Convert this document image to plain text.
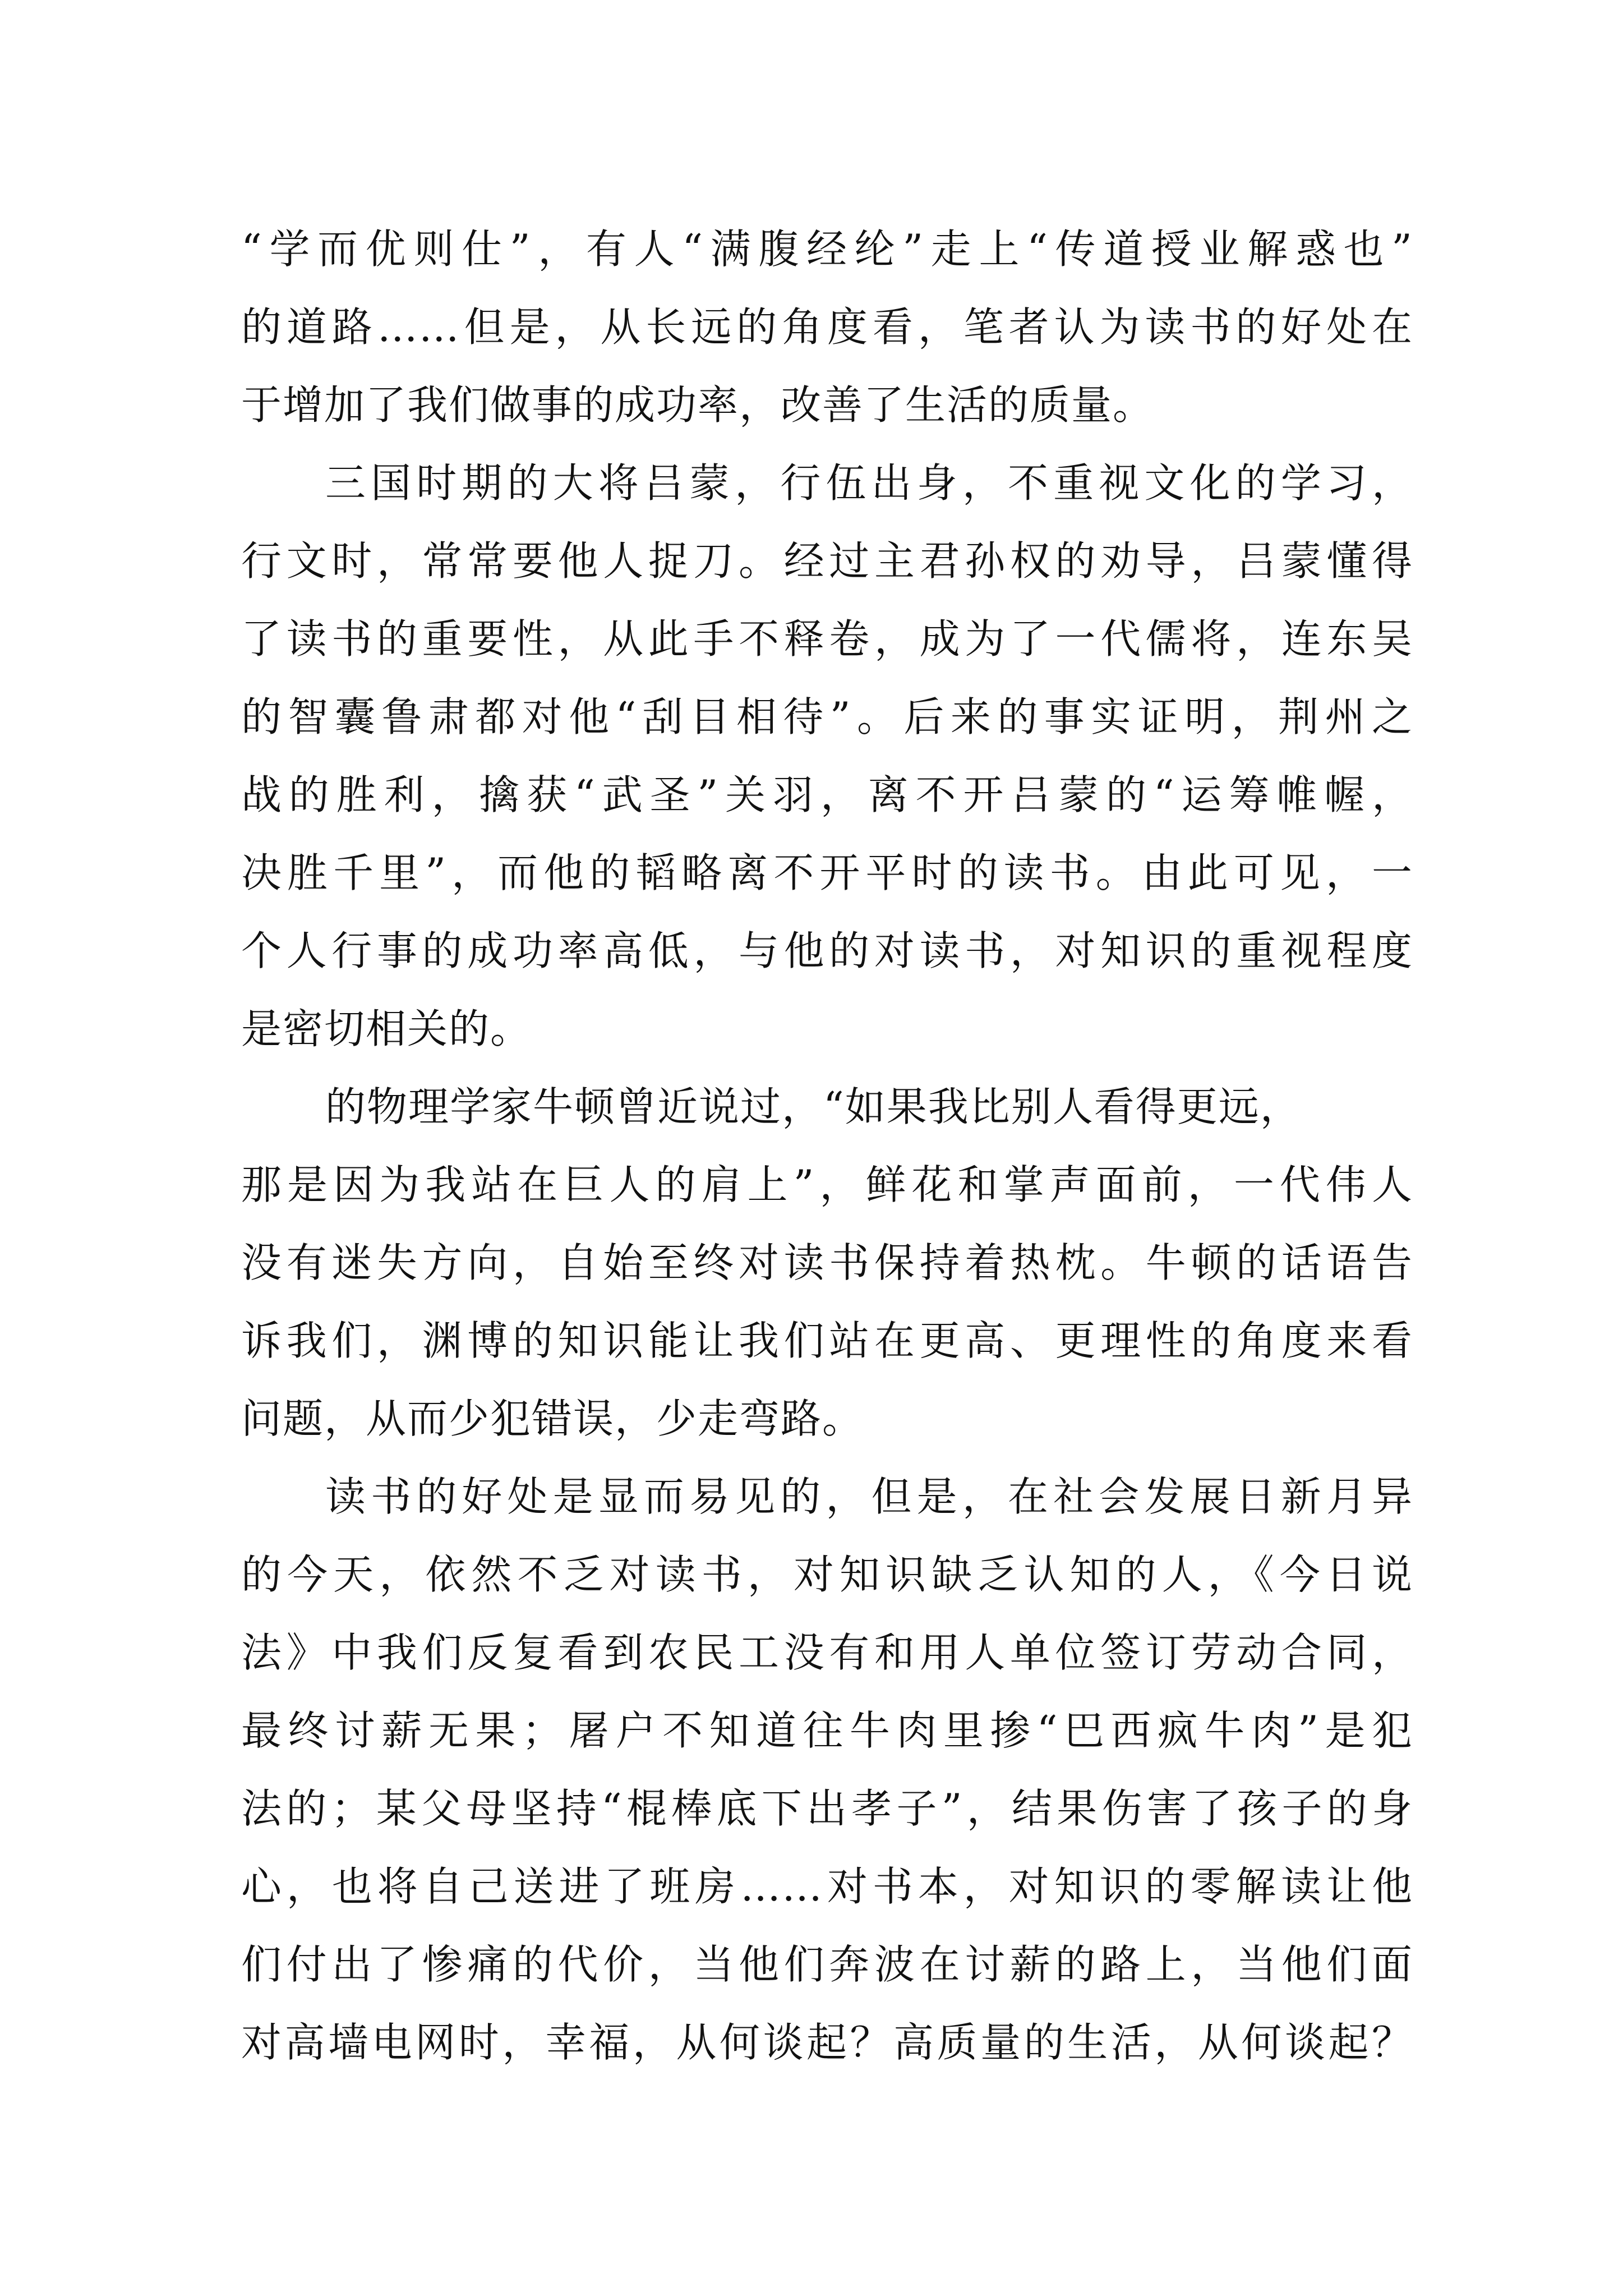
“学而优则仕”，有人“满腹经纶”走上“传道授业解惑也”
的道路……但是，从长远的角度看，笔者认为读书的好处在
于增加了我们做事的成功率，改善了生活的质量。
三国时期的大将吕蒙，行伍出身，不重视文化的学习，
行文时，常常要他人捉刀。经过主君孙权的劝导，吕蒙懂得
了读书的重要性，从此手不释卷，成为了一代儒将，连东吴
的智囊鲁肃都对他“刮目相待”。后来的事实证明，荆州之
战的胜利，擒获“武圣”关羽，离不开吕蒙的“运筹帷幄，
决胜千里”，而他的韬略离不开平时的读书。由此可见，一
个人行事的成功率高低，与他的对读书，对知识的重视程度
是密切相关的。
的物理学家牛顿曾近说过，“如果我比别人看得更远，
那是因为我站在巨人的肩上”，鲜花和掌声面前，一代伟人
没有迷失方向，自始至终对读书保持着热枕。牛顿的话语告
诉我们，渊博的知识能让我们站在更高、更理性的角度来看
问题，从而少犯错误，少走弯路。
读书的好处是显而易见的，但是，在社会发展日新月异
的今天，依然不乏对读书，对知识缺乏认知的人，《今日说
法》中我们反复看到农民工没有和用人单位签订劳动合同，
最终讨薪无果；屠户不知道往牛肉里掺“巴西疯牛肉”是犯
法的；某父母坚持“棍棒底下出孝子”，结果伤害了孩子的身
心，也将自己送进了班房……对书本，对知识的零解读让他
们付出了惨痛的代价，当他们奔波在讨薪的路上，当他们面
对高墙电网时，幸福，从何谈起？高质量的生活，从何谈起？
